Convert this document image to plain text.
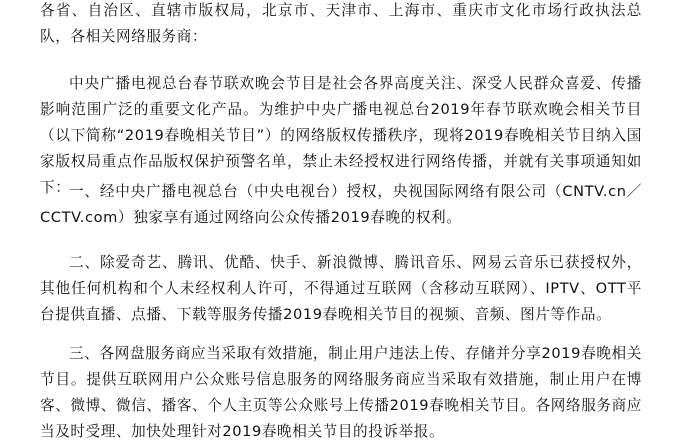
各省、自治区、直辖市版权局，北京市、天津市、上海市、重庆市文化市场行政执法总队，各相关网络服务商：

中央广播电视总台春节联欢晚会节目是社会各界高度关注、深受人民群众喜爱、传播影响范围广泛的重要文化产品。为维护中央广播电视总台2019年春节联欢晚会相关节目（以下简称“2019春晚相关节目”）的网络版权传播秩序，现将2019春晚相关节目纳入国家版权局重点作品版权保护预警名单，禁止未经授权进行网络传播，并就有关事项通知如下：

一、经中央广播电视总台（中央电视台）授权，央视国际网络有限公司（CNTV.cn／CCTV.com）独家享有通过网络向公众传播2019春晚的权利。

二、除爱奇艺、腾讯、优酷、快手、新浪微博、腾讯音乐、网易云音乐已获授权外，其他任何机构和个人未经权利人许可，不得通过互联网（含移动互联网）、IPTV、OTT平台提供直播、点播、下载等服务传播2019春晚相关节目的视频、音频、图片等作品。

三、各网盘服务商应当采取有效措施，制止用户违法上传、存储并分享2019春晚相关节目。提供互联网用户公众账号信息服务的网络服务商应当采取有效措施，制止用户在博客、微博、微信、播客、个人主页等公众账号上传播2019春晚相关节目。各网络服务商应当及时受理、加快处理针对2019春晚相关节目的投诉举报。
